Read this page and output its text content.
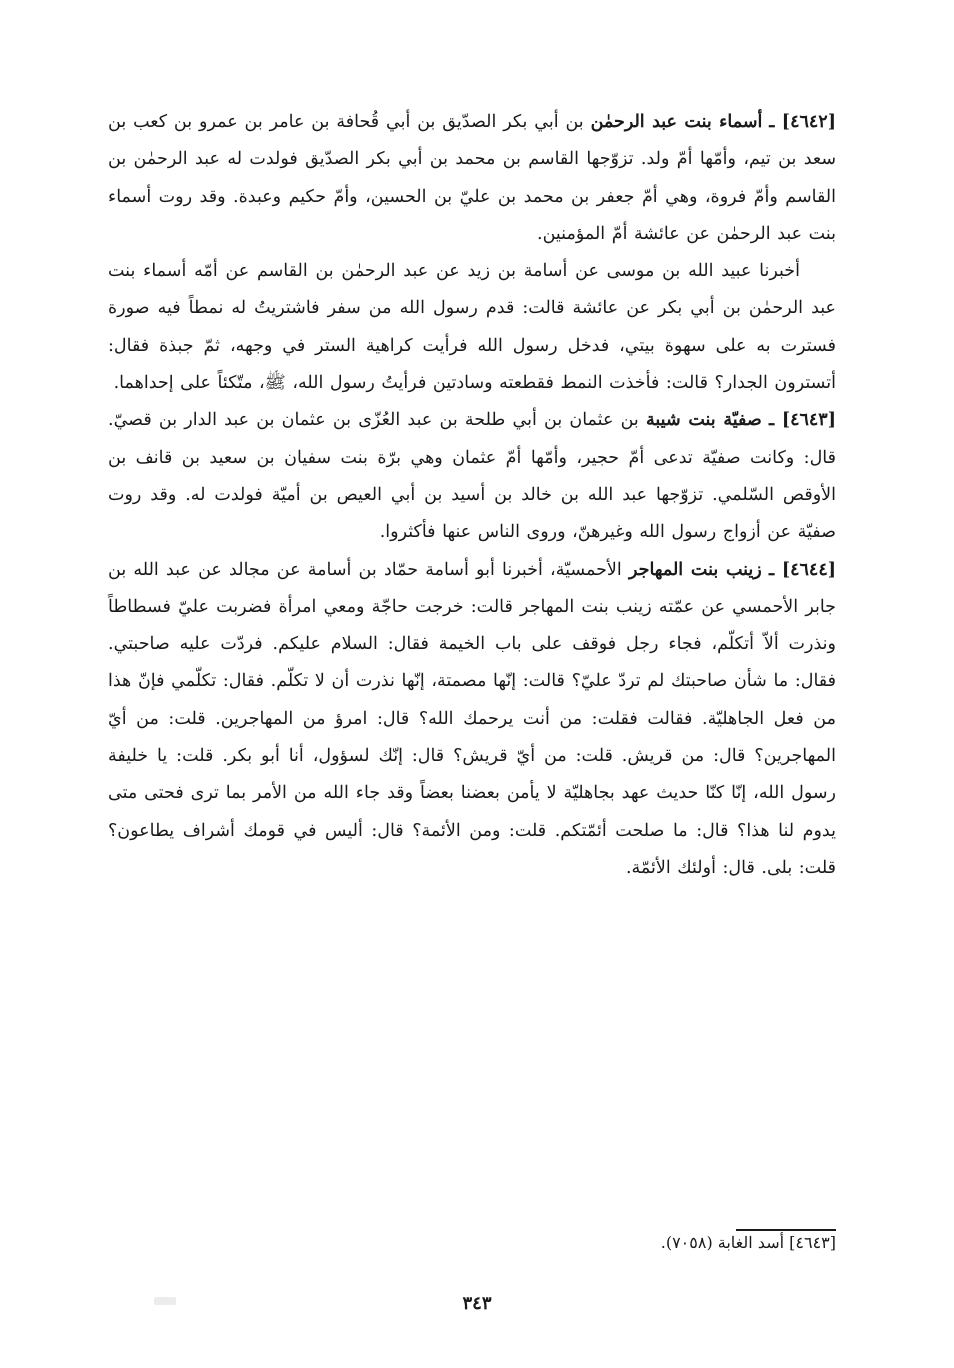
[٤٦٤٢] ـ أسماء بنت عبد الرحمٰن بن أبي بكر الصدّيق بن أبي قُحافة بن عامر بن عمرو بن كعب بن سعد بن تيم، وأمّها أمّ ولد. تزوّجها القاسم بن محمد بن أبي بكر الصدّيق فولدت له عبد الرحمٰن بن القاسم وأمّ فروة، وهي أمّ جعفر بن محمد بن عليّ بن الحسين، وأمّ حكيم وعبدة. وقد روت أسماء بنت عبد الرحمٰن عن عائشة أمّ المؤمنين.

أخبرنا عبيد الله بن موسى عن أسامة بن زيد عن عبد الرحمٰن بن القاسم عن أمّه أسماء بنت عبد الرحمٰن بن أبي بكر عن عائشة قالت: قدم رسول الله من سفر فاشتريتُ له نمطاً فيه صورة فسترت به على سهوة بيتي، فدخل رسول الله فرأيت كراهية الستر في وجهه، ثمّ جبذة فقال: أتسترون الجدار؟ قالت: فأخذت النمط فقطعته وسادتين فرأيتُ رسول الله، ﷺ، متّكئاً على إحداهما.

[٤٦٤٣] ـ صفيّة بنت شيبة بن عثمان بن أبي طلحة بن عبد العُزّى بن عثمان بن عبد الدار بن قصيّ. قال: وكانت صفيّة تدعى أمّ حجير، وأمّها أمّ عثمان وهي برّة بنت سفيان بن سعيد بن قانف بن الأوقص السّلمي. تزوّجها عبد الله بن خالد بن أسيد بن أبي العيص بن أميّة فولدت له. وقد روت صفيّة عن أزواج رسول الله وغيرهنّ، وروى الناس عنها فأكثروا.

[٤٦٤٤] ـ زينب بنت المهاجر الأحمسيّة، أخبرنا أبو أسامة حمّاد بن أسامة عن مجالد عن عبد الله بن جابر الأحمسي عن عمّته زينب بنت المهاجر قالت: خرجت حاجّة ومعي امرأة فضربت عليّ فسطاطاً ونذرت ألاّ أتكلّم، فجاء رجل فوقف على باب الخيمة فقال: السلام عليكم. فردّت عليه صاحبتي. فقال: ما شأن صاحبتك لم تردّ عليّ؟ قالت: إنّها مصمتة، إنّها نذرت أن لا تكلّم. فقال: تكلّمي فإنّ هذا من فعل الجاهليّة. فقالت فقلت: من أنت يرحمك الله؟ قال: امرؤ من المهاجرين. قلت: من أيّ المهاجرين؟ قال: من قريش. قلت: من أيّ قريش؟ قال: إنّك لسؤول، أنا أبو بكر. قلت: يا خليفة رسول الله، إنّا كنّا حديث عهد بجاهليّة لا يأمن بعضنا بعضاً وقد جاء الله من الأمر بما ترى فحتى متى يدوم لنا هذا؟ قال: ما صلحت أئمّتكم. قلت: ومن الأئمة؟ قال: أليس في قومك أشراف يطاعون؟ قلت: بلى. قال: أولئك الأئمّة.

[٤٦٤٣] أسد الغابة (٧٠٥٨).
٣٤٣
